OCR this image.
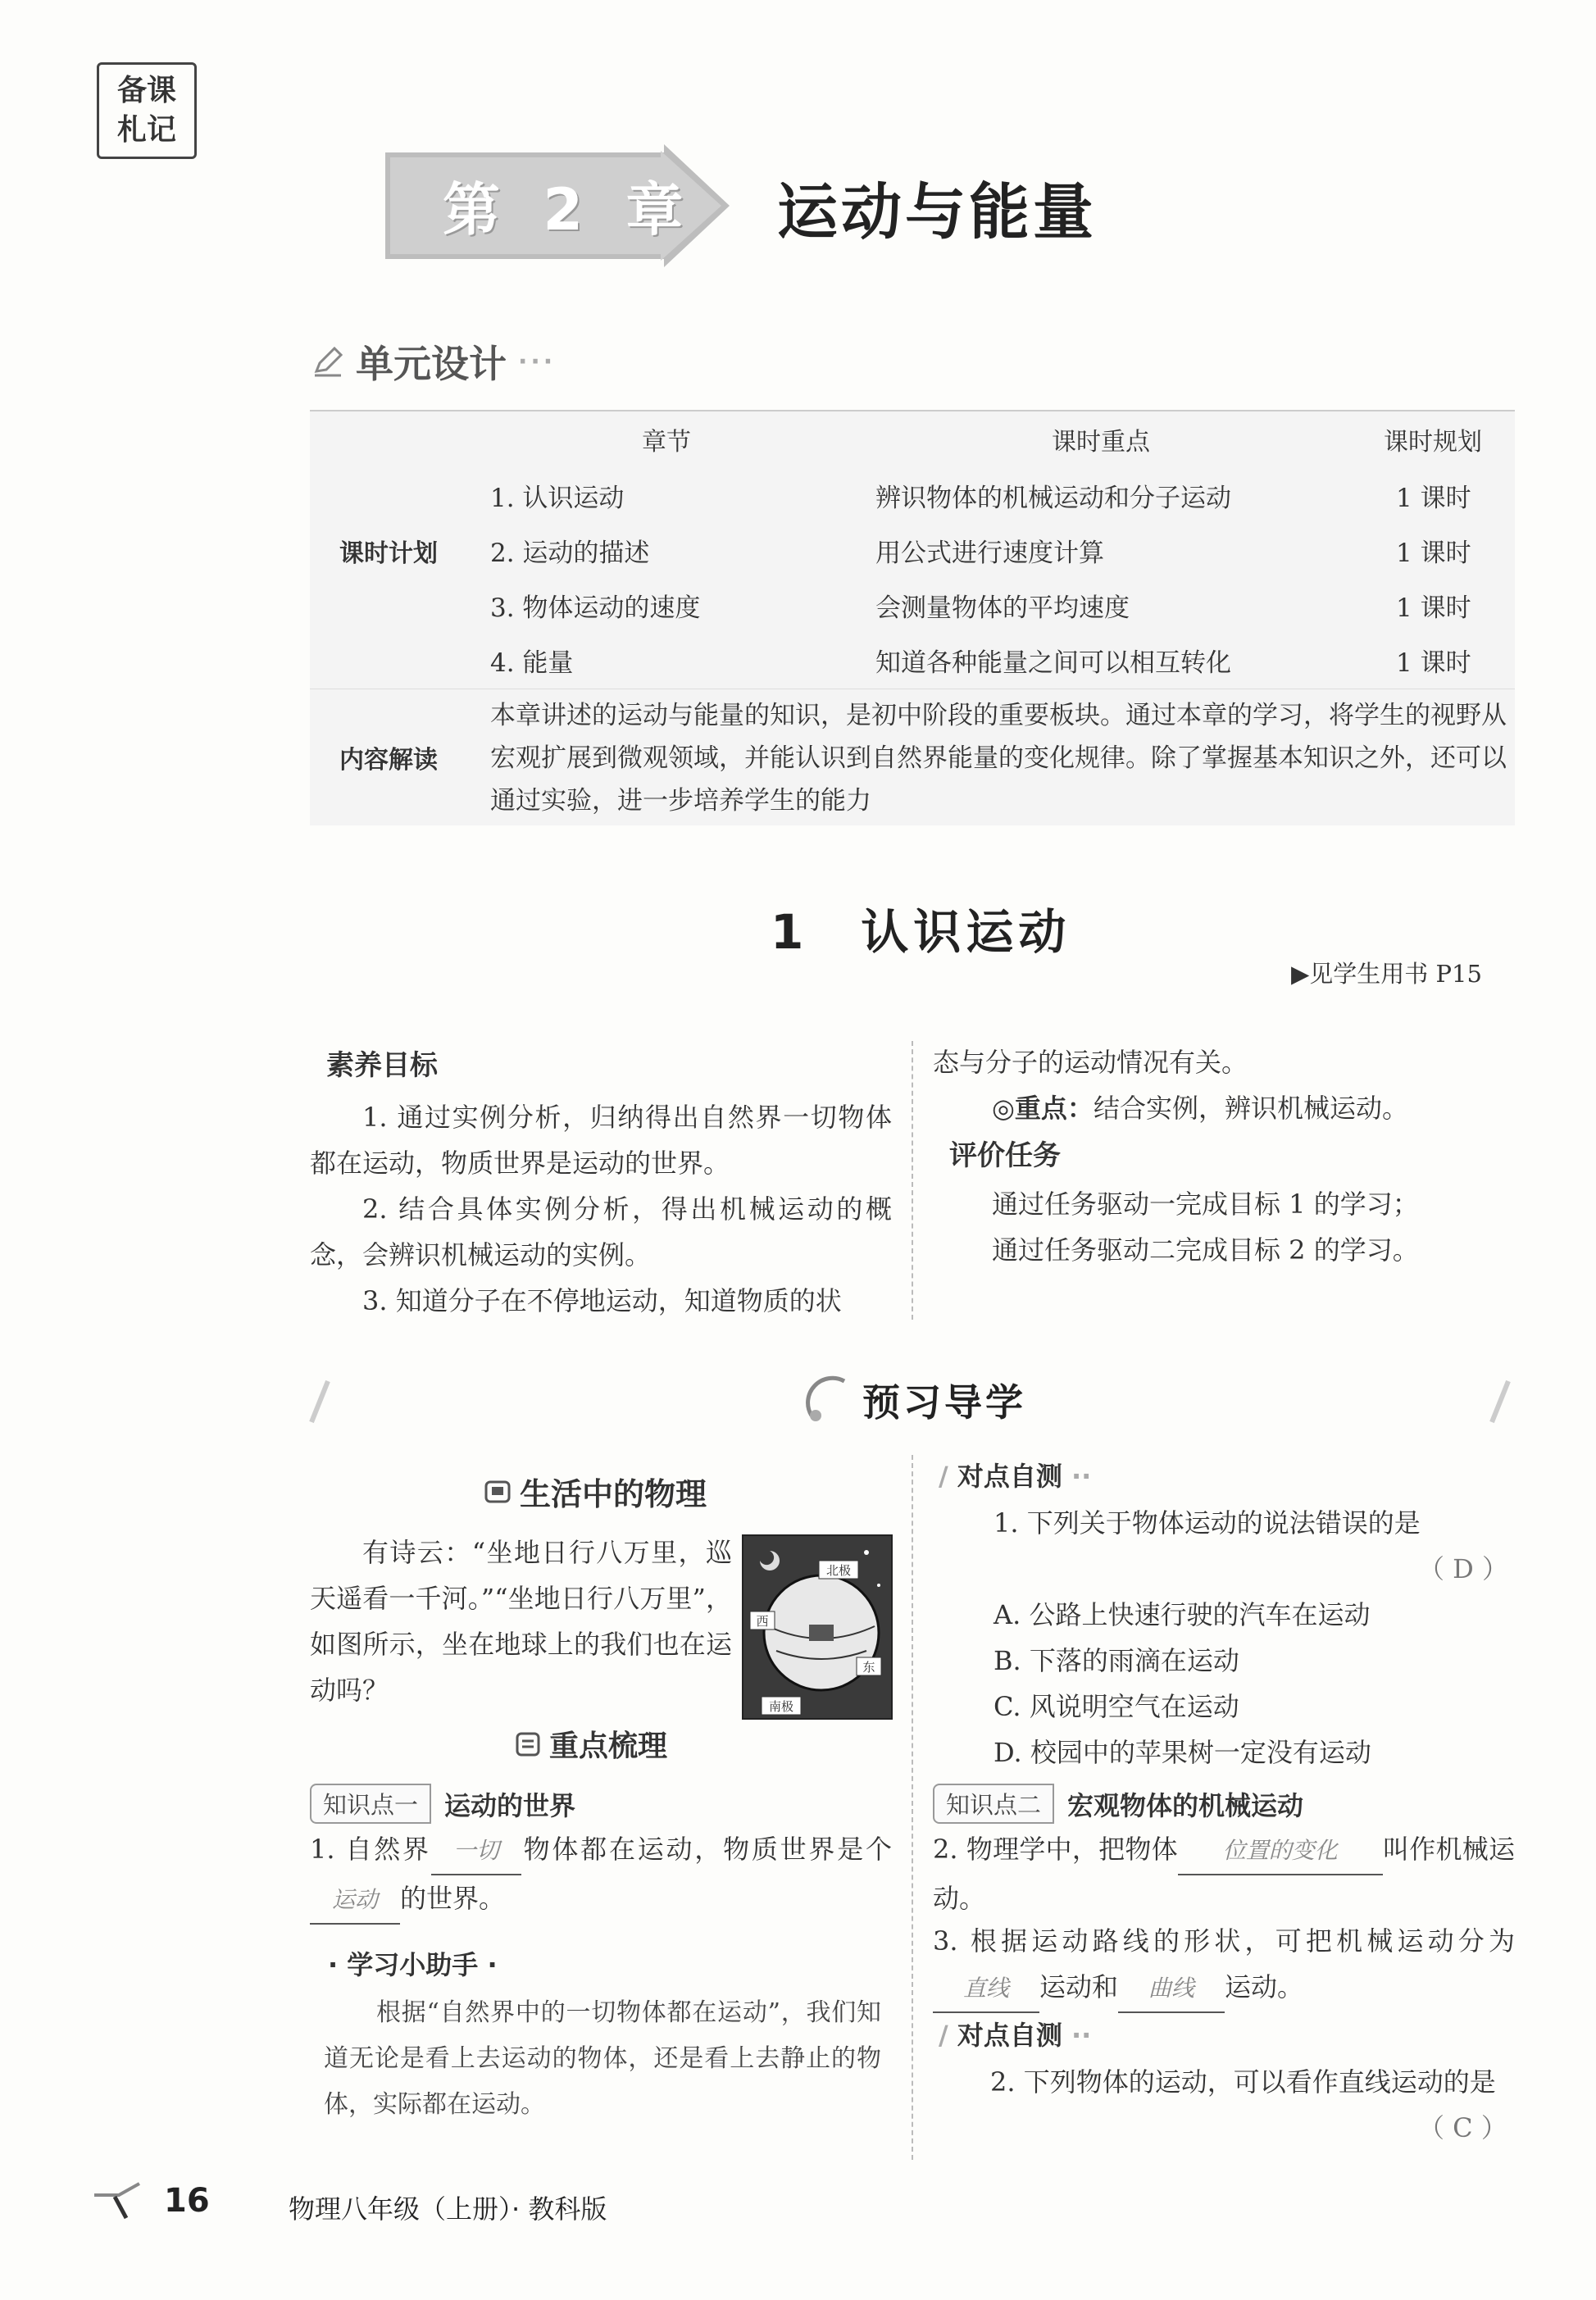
备课
札记
第 2 章 运动与能量
单元设计 ···
章节	课时重点	课时规划
课时计划
1. 认识运动	辨识物体的机械运动和分子运动	1 课时
2. 运动的描述	用公式进行速度计算	1 课时
3. 物体运动的速度	会测量物体的平均速度	1 课时
4. 能量	知道各种能量之间可以相互转化	1 课时
内容解读
本章讲述的运动与能量的知识，是初中阶段的重要板块。通过本章的学习，将学生的视野从宏观扩展到微观领域，并能认识到自然界能量的变化规律。除了掌握基本知识之外，还可以通过实验，进一步培养学生的能力
1　认识运动
▶见学生用书 P15
素养目标
1. 通过实例分析，归纳得出自然界一切物体都在运动，物质世界是运动的世界。
2. 结合具体实例分析，得出机械运动的概念，会辨识机械运动的实例。
3. 知道分子在不停地运动，知道物质的状
态与分子的运动情况有关。
◎重点：结合实例，辨识机械运动。
评价任务
通过任务驱动一完成目标 1 的学习；
通过任务驱动二完成目标 2 的学习。
预习导学
生活中的物理
有诗云：“坐地日行八万里，巡天遥看一千河。”“坐地日行八万里”，如图所示，坐在地球上的我们也在运动吗？
北极
西
东
南极
重点梳理
知识点一	运动的世界
1. 自然界 一切 物体都在运动，物质世界是个运动 的世界。
· 学习小助手 ·
根据“自然界中的一切物体都在运动”，我们知道无论是看上去运动的物体，还是看上去静止的物体，实际都在运动。
∕ 对点自测 ··
1. 下列关于物体运动的说法错误的是
（ D ）
A. 公路上快速行驶的汽车在运动
B. 下落的雨滴在运动
C. 风说明空气在运动
D. 校园中的苹果树一定没有运动
知识点二	宏观物体的机械运动
2. 物理学中，把物体 位置的变化 叫作机械运动。
3. 根据运动路线的形状，可把机械运动分为直线 运动和 曲线 运动。
∕ 对点自测 ··
2. 下列物体的运动，可以看作直线运动的是
（ C ）
16	物理八年级（上册）· 教科版
